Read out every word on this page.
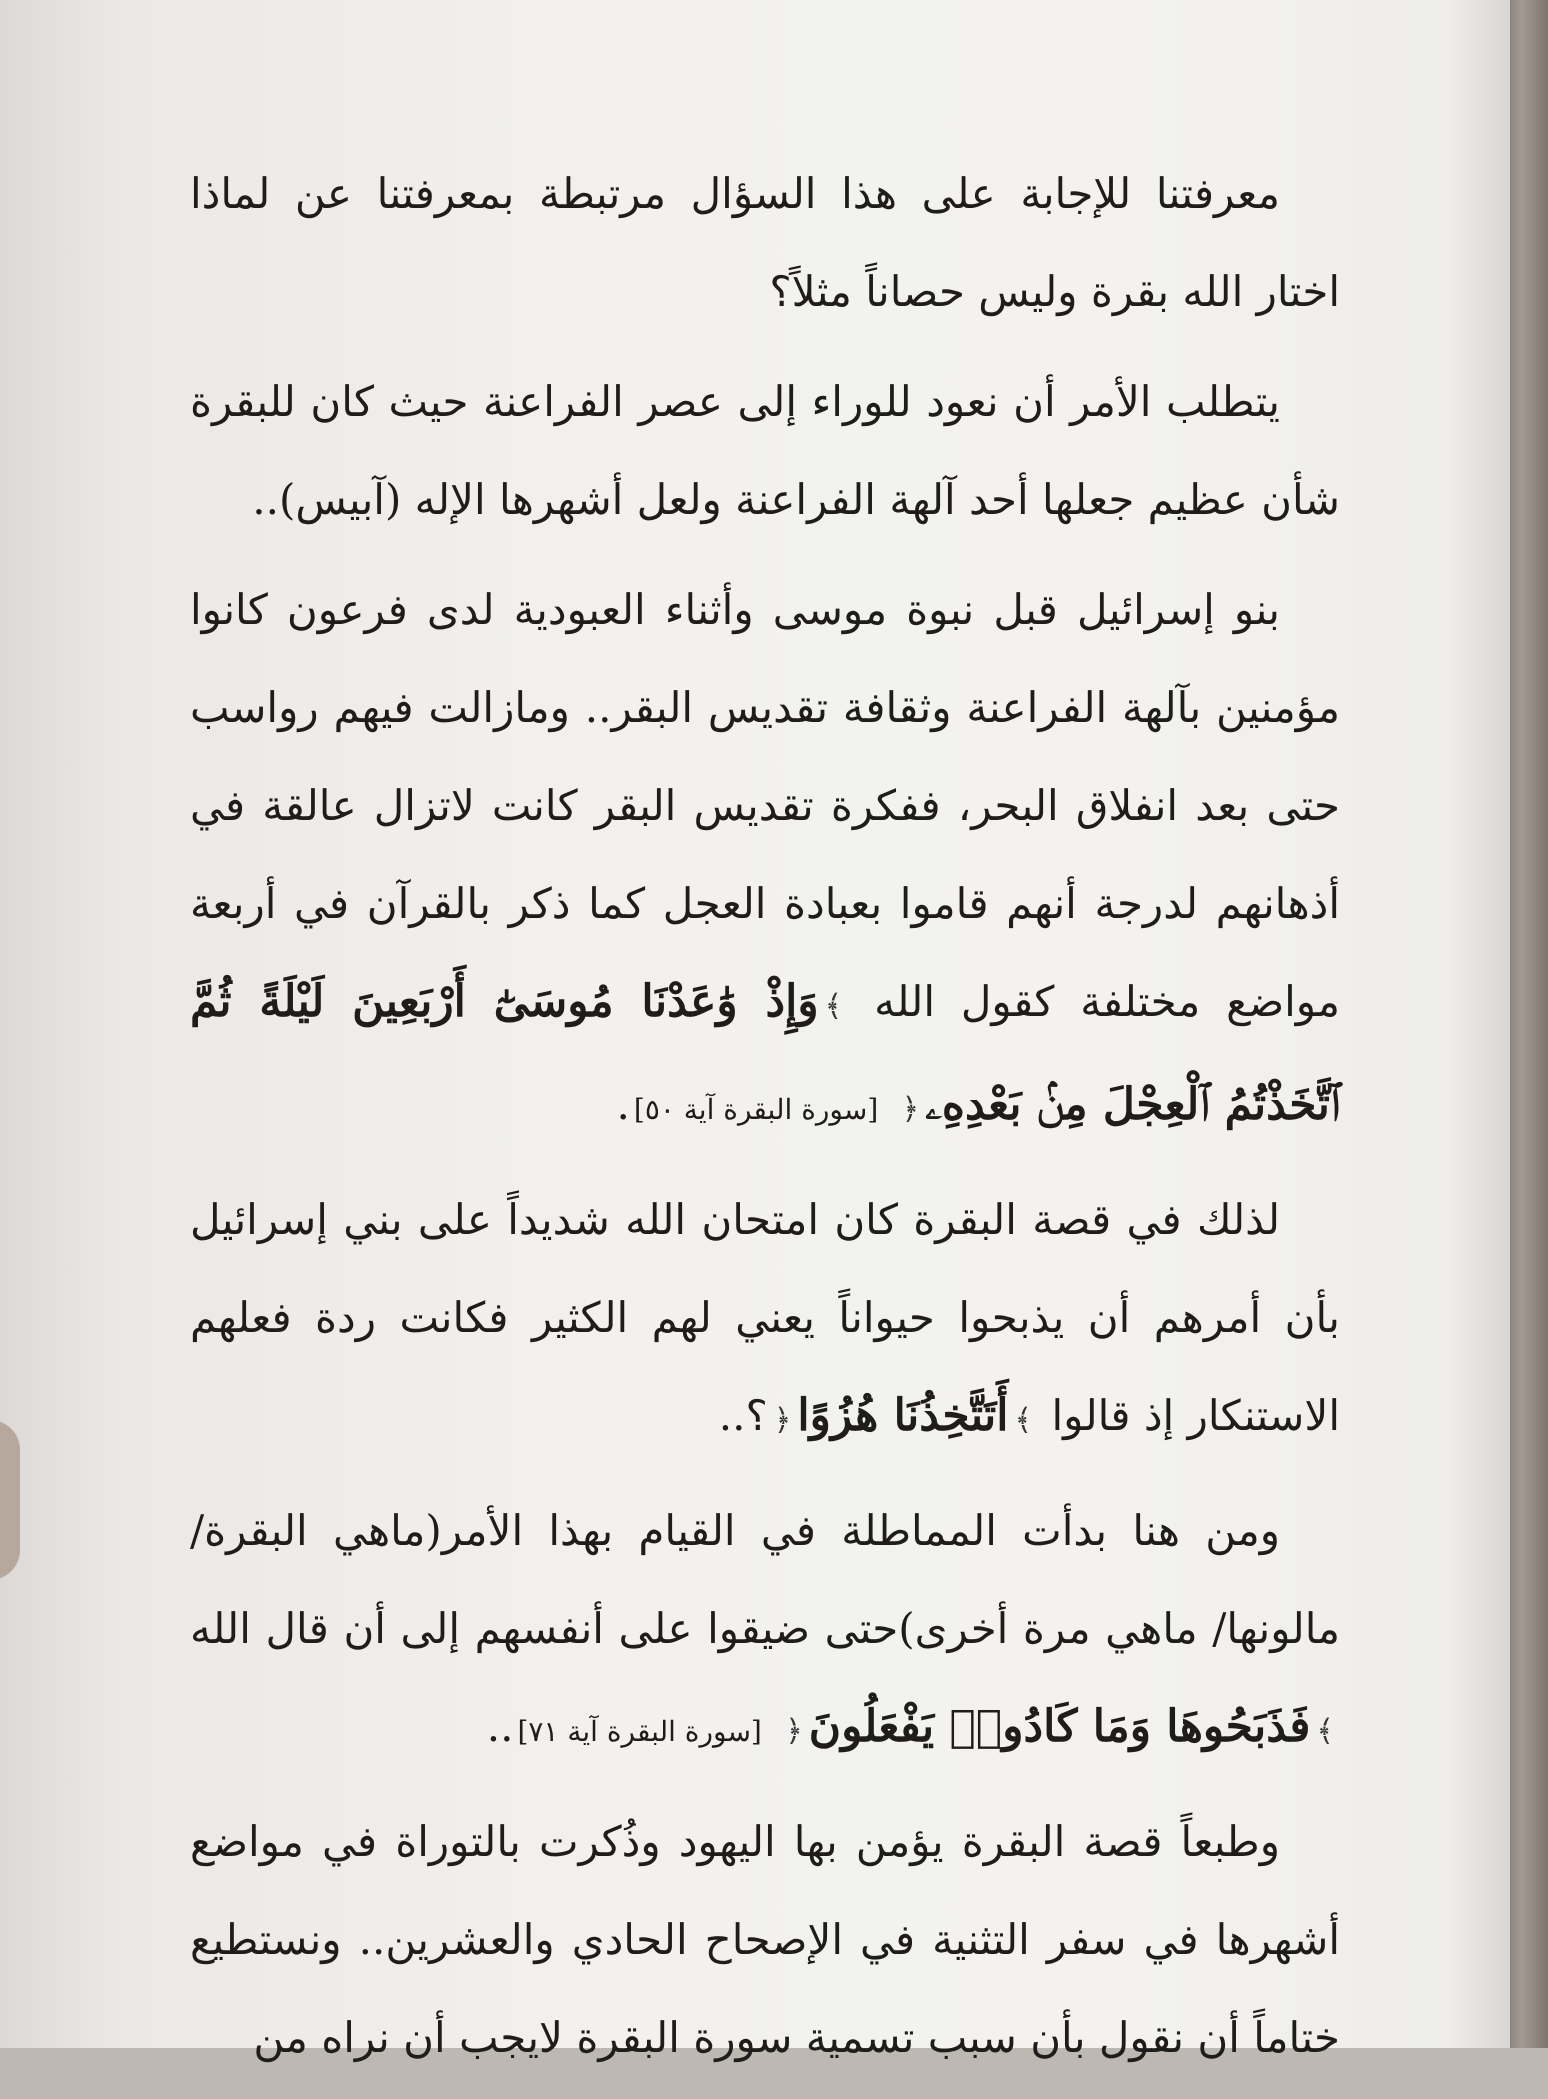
معرفتنا للإجابة على هذا السؤال مرتبطة بمعرفتنا عن لماذا اختار الله بقرة وليس حصاناً مثلاً؟

يتطلب الأمر أن نعود للوراء إلى عصر الفراعنة حيث كان للبقرة شأن عظيم جعلها أحد آلهة الفراعنة ولعل أشهرها الإله (آبيس)..

بنو إسرائيل قبل نبوة موسى وأثناء العبودية لدى فرعون كانوا مؤمنين بآلهة الفراعنة وثقافة تقديس البقر.. ومازالت فيهم رواسب حتى بعد انفلاق البحر، ففكرة تقديس البقر كانت لاتزال عالقة في أذهانهم لدرجة أنهم قاموا بعبادة العجل كما ذكر بالقرآن في أربعة مواضع مختلفة كقول الله ﴾وَإِذْ وَٰعَدْنَا مُوسَىٰٓ أَرْبَعِينَ لَيْلَةً ثُمَّ ٱتَّخَذْتُمُ ٱلْعِجْلَ مِنۢ بَعْدِهِۦ﴿ [سورة البقرة آية ٥٠].

لذلك في قصة البقرة كان امتحان الله شديداً على بني إسرائيل بأن أمرهم أن يذبحوا حيواناً يعني لهم الكثير فكانت ردة فعلهم الاستنكار إذ قالوا ﴾أَتَتَّخِذُنَا هُزُوًا﴿؟..

ومن هنا بدأت المماطلة في القيام بهذا الأمر(ماهي البقرة/ مالونها/ ماهي مرة أخرى)حتى ضيقوا على أنفسهم إلى أن قال الله ﴾فَذَبَحُوهَا وَمَا كَادُوا۟ يَفْعَلُونَ﴿ [سورة البقرة آية ٧١]..

وطبعاً قصة البقرة يؤمن بها اليهود وذُكرت بالتوراة في مواضع أشهرها في سفر التثنية في الإصحاح الحادي والعشرين.. ونستطيع ختاماً أن نقول بأن سبب تسمية سورة البقرة لايجب أن نراه من
